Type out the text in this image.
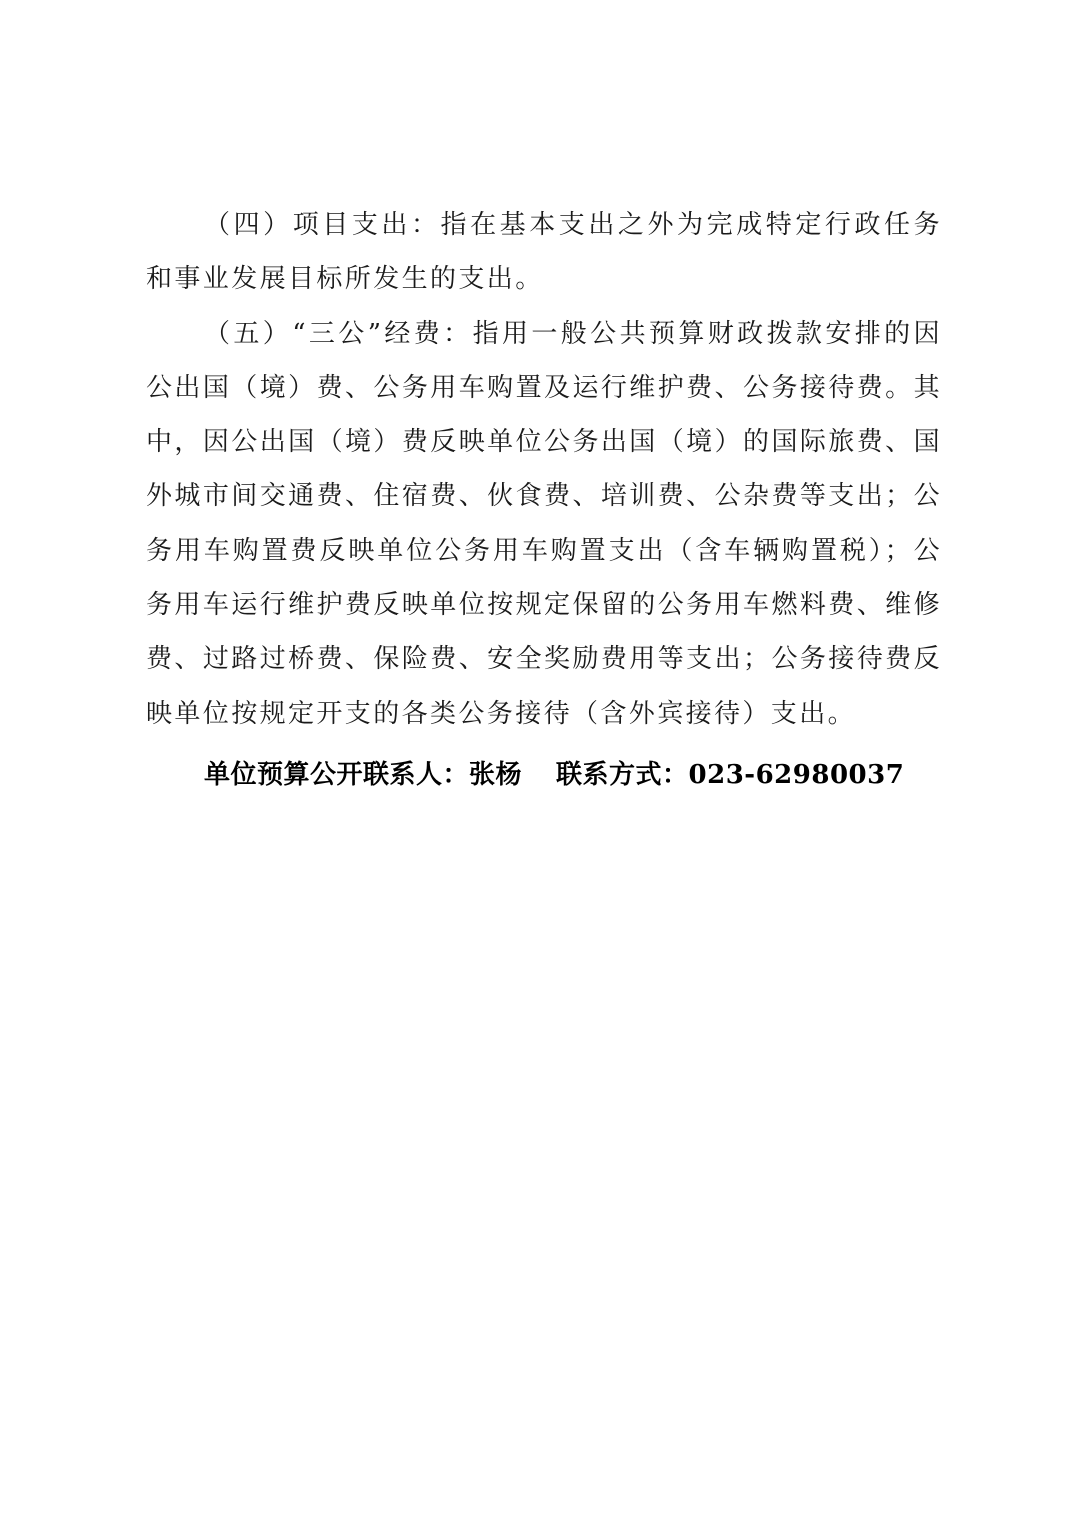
（四）项目支出：指在基本支出之外为完成特定行政任务和事业发展目标所发生的支出。

（五）“三公”经费：指用一般公共预算财政拨款安排的因公出国（境）费、公务用车购置及运行维护费、公务接待费。其中，因公出国（境）费反映单位公务出国（境）的国际旅费、国外城市间交通费、住宿费、伙食费、培训费、公杂费等支出；公务用车购置费反映单位公务用车购置支出（含车辆购置税）；公务用车运行维护费反映单位按规定保留的公务用车燃料费、维修费、过路过桥费、保险费、安全奖励费用等支出；公务接待费反映单位按规定开支的各类公务接待（含外宾接待）支出。

单位预算公开联系人：张杨 联系方式：023-62980037
